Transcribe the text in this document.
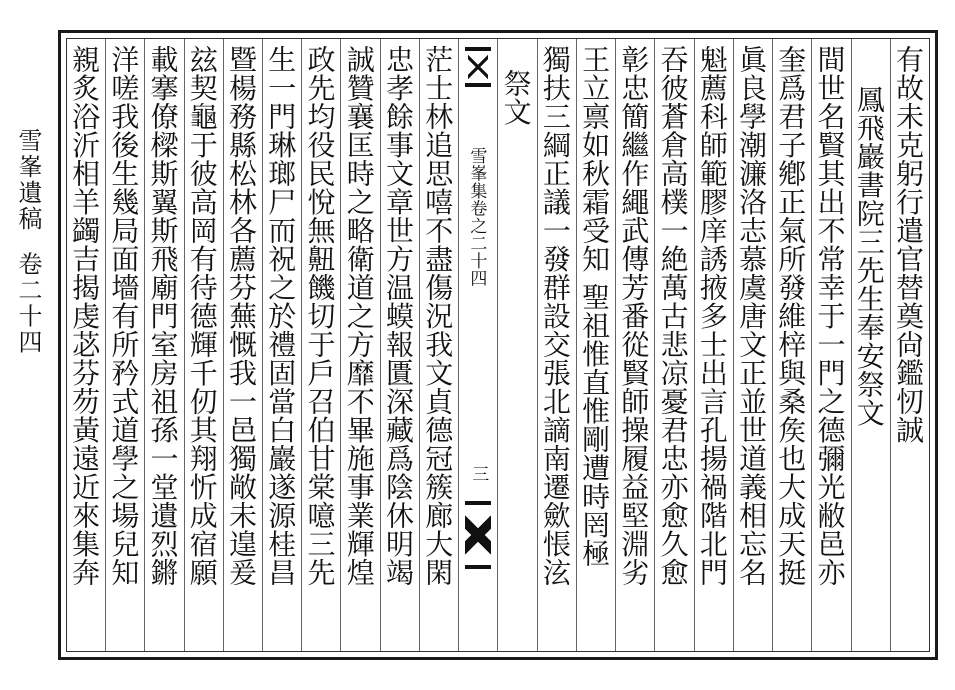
雪峯遺稿  卷二十四	有故未克躬行遣官替奠尙鑑㣼誠
鳳飛巖書院三先生奉安祭文
間世名賢其出不常幸于一門之德彌光敝邑亦
奎爲君子鄕正氣所發維梓與桑矦也大成天挺
眞良學潮濂洛志慕虞唐文正並世道義相忘名
魁薦科師範膠庠誘掖多士出言孔揚禍階北門
吞彼蒼倉高樸一絶萬古悲凉憂君忠亦愈久愈
彰忠簡繼作繩武傳芳番從賢師操履益堅淵劣
王立禀如秋霜受知 聖祖惟直惟剛遭時罔極
獨扶三綱正議一發群設交張北謫南遷歛悵泫
祭文
雪峯集卷之二十四
三
茫士林追思嘻不盡傷況我文貞德冠簇廊大閑
忠孝餘事文章世方温蟆報匱深藏爲陰休明竭
誠贊襄匡時之略衛道之方靡不畢施事業輝煌
政先均役民悅無䶊饑切于戶召伯甘棠噫三先
生一門琳瑯尸而祝之於禮固當白巖遂源桂昌
暨楊務縣松林各薦芬蕪慨我一邑獨敞未遑爰
玆契龜于彼高岡有待德輝千仞其翔忻成宿願
載搴僚樑斯翼斯飛廟門室房祖孫一堂遺烈鏘
洋嗟我後生幾局面墻有所矜式道學之場兒知
親炙浴沂相羊蠲吉揭虔苾芬芴黃遠近來集奔
